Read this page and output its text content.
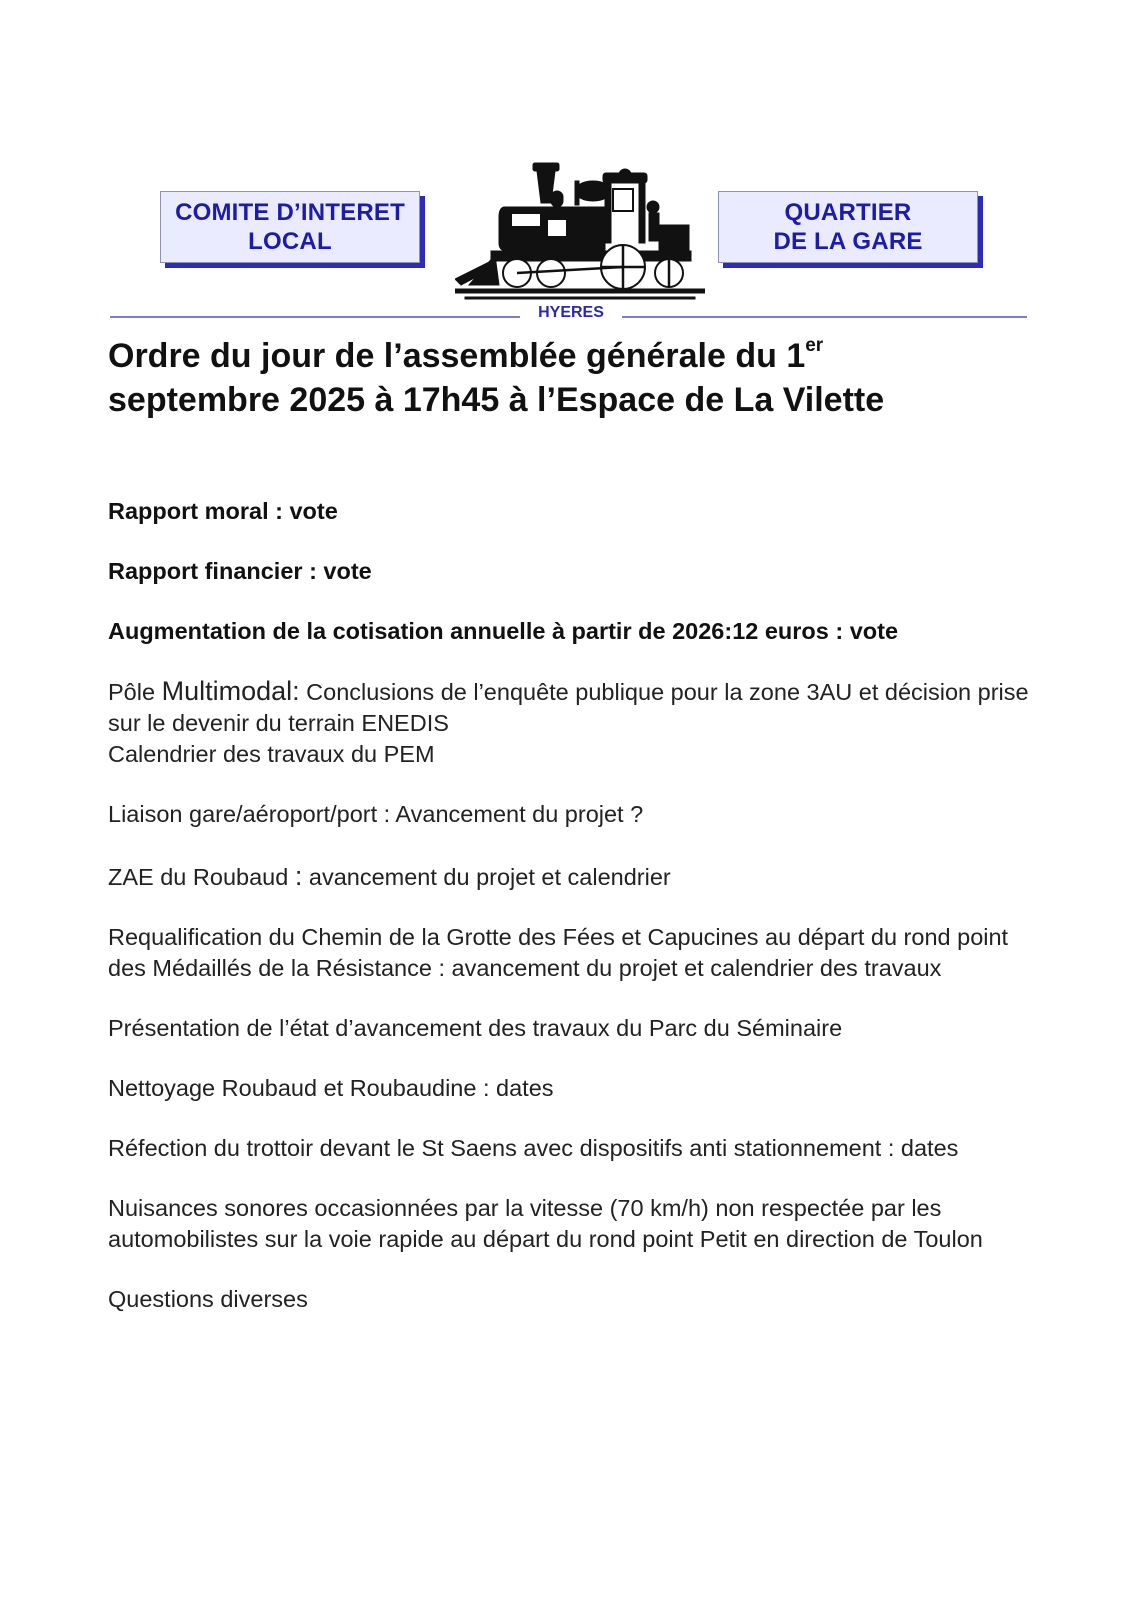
COMITE D’INTERET
LOCAL
QUARTIER
DE LA GARE
HYERES
Ordre du jour de l’assemblée générale du 1er
septembre 2025 à 17h45 à l’Espace de La Vilette

Rapport moral : vote

Rapport financier : vote

Augmentation de la cotisation annuelle à partir de 2026:12 euros : vote

Pôle Multimodal: Conclusions de l’enquête publique pour la zone 3AU et décision prise sur le devenir du terrain ENEDIS
Calendrier des travaux du PEM

Liaison gare/aéroport/port : Avancement du projet ?

ZAE du Roubaud : avancement du projet et calendrier

Requalification du Chemin de la Grotte des Fées et Capucines au départ du rond point des Médaillés de la Résistance : avancement du projet et calendrier des travaux

Présentation de l’état d’avancement des travaux du Parc du Séminaire

Nettoyage Roubaud et Roubaudine : dates

Réfection du trottoir devant le St Saens avec dispositifs anti stationnement : dates

Nuisances sonores occasionnées par la vitesse (70 km/h) non respectée par les automobilistes sur la voie rapide au départ du rond point Petit en direction de Toulon

Questions diverses
